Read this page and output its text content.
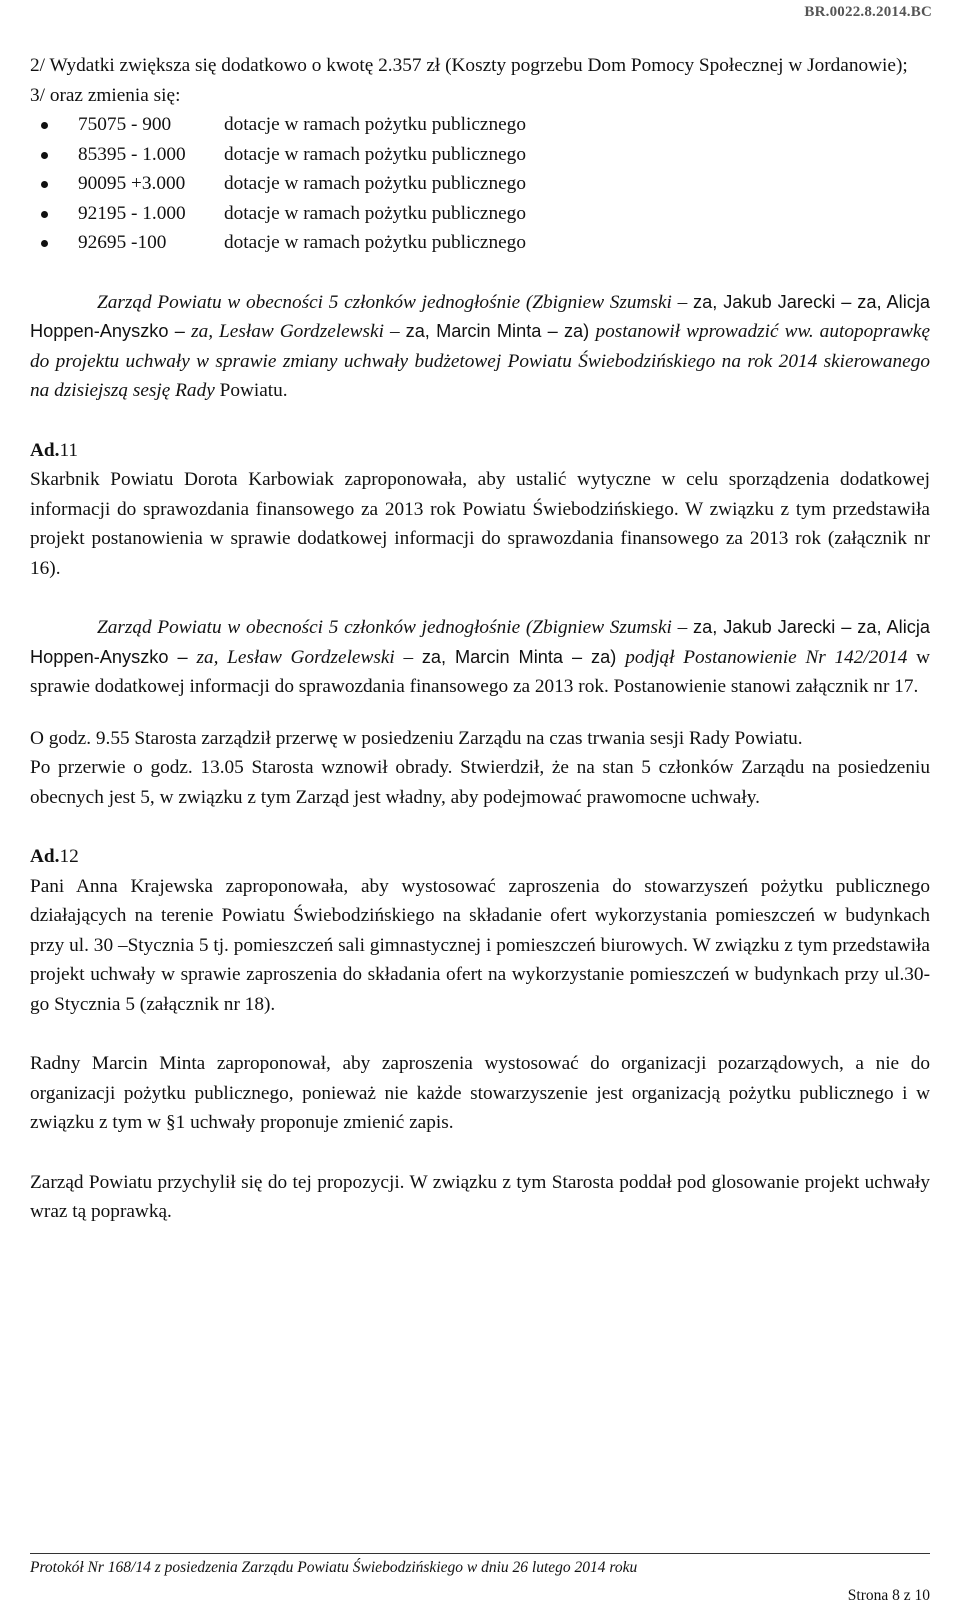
BR.0022.8.2014.BC

2/ Wydatki zwiększa się dodatkowo o kwotę 2.357 zł (Koszty pogrzebu Dom Pomocy Społecznej w Jordanowie);

3/ oraz zmienia się:

75075 - 900	dotacje w ramach pożytku publicznego
85395 - 1.000 dotacje w ramach pożytku publicznego
90095 +3.000 dotacje w ramach pożytku publicznego
92195 - 1.000 dotacje w ramach pożytku publicznego
92695 -100	dotacje w ramach pożytku publicznego

Zarząd Powiatu w obecności 5 członków jednogłośnie (Zbigniew Szumski – za, Jakub Jarecki – za, Alicja Hoppen-Anyszko – za, Lesław Gordzelewski – za, Marcin Minta – za) postanowił wprowadzić ww. autopoprawkę do projektu uchwały w sprawie zmiany uchwały budżetowej Powiatu Świebodzińskiego na rok 2014 skierowanego na dzisiejszą sesję Rady Powiatu.

Ad.11

Skarbnik Powiatu Dorota Karbowiak zaproponowała, aby ustalić wytyczne w celu sporządzenia dodatkowej informacji do sprawozdania finansowego za 2013 rok Powiatu Świebodzińskiego. W związku z tym przedstawiła projekt postanowienia w sprawie dodatkowej informacji do sprawozdania finansowego za 2013 rok (załącznik nr 16).

Zarząd Powiatu w obecności 5 członków jednogłośnie (Zbigniew Szumski – za, Jakub Jarecki – za, Alicja Hoppen-Anyszko – za, Lesław Gordzelewski – za, Marcin Minta – za) podjął Postanowienie Nr 142/2014 w sprawie dodatkowej informacji do sprawozdania finansowego za 2013 rok. Postanowienie stanowi załącznik nr 17.

O godz. 9.55 Starosta zarządził przerwę w posiedzeniu Zarządu na czas trwania sesji Rady Powiatu.

Po przerwie o godz. 13.05 Starosta wznowił obrady. Stwierdził, że na stan 5 członków Zarządu na posiedzeniu obecnych jest 5, w związku z tym Zarząd jest władny, aby podejmować prawomocne uchwały.

Ad.12

Pani Anna Krajewska zaproponowała, aby wystosować zaproszenia do stowarzyszeń pożytku publicznego działających na terenie Powiatu Świebodzińskiego na składanie ofert wykorzystania pomieszczeń w budynkach przy ul. 30 –Stycznia 5 tj. pomieszczeń sali gimnastycznej i pomieszczeń biurowych. W związku z tym przedstawiła projekt uchwały w sprawie zaproszenia do składania ofert na wykorzystanie pomieszczeń w budynkach przy ul.30-go Stycznia 5 (załącznik nr 18).

Radny Marcin Minta zaproponował, aby zaproszenia wystosować do organizacji pozarządowych, a nie do organizacji pożytku publicznego, ponieważ nie każde stowarzyszenie jest organizacją pożytku publicznego i w związku z tym w §1 uchwały proponuje zmienić zapis.

Zarząd Powiatu przychylił się do tej propozycji. W związku z tym Starosta poddał pod glosowanie projekt uchwały wraz tą poprawką.

Protokół Nr 168/14 z posiedzenia Zarządu Powiatu Świebodzińskiego w dniu 26 lutego 2014 roku
Strona 8 z 10
